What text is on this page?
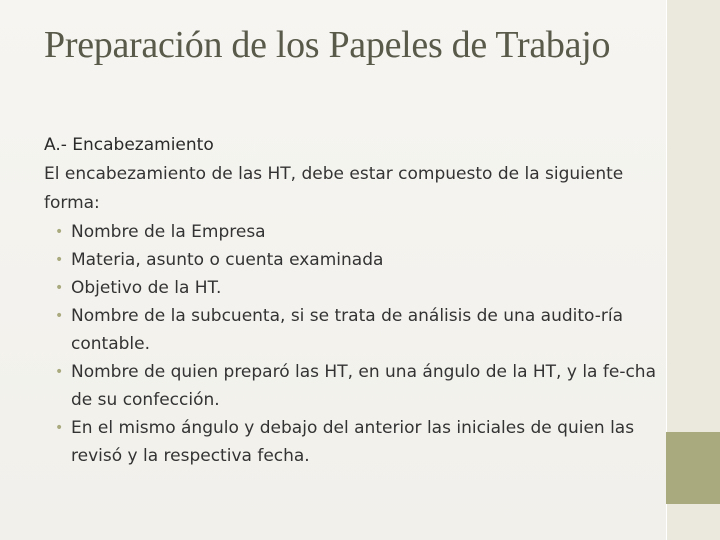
Preparación de los Papeles de Trabajo

A.- Encabezamiento

El encabezamiento de las HT, debe estar compuesto de la siguiente forma:

• Nombre de la Empresa
• Materia, asunto o cuenta examinada
• Objetivo de la HT.
• Nombre de la subcuenta, si se trata de análisis de una audito-ría contable.
• Nombre de quien preparó las HT, en una ángulo de la HT, y la fe-cha de su confección.
• En el mismo ángulo y debajo del anterior las iniciales de quien las revisó y la respectiva fecha.
